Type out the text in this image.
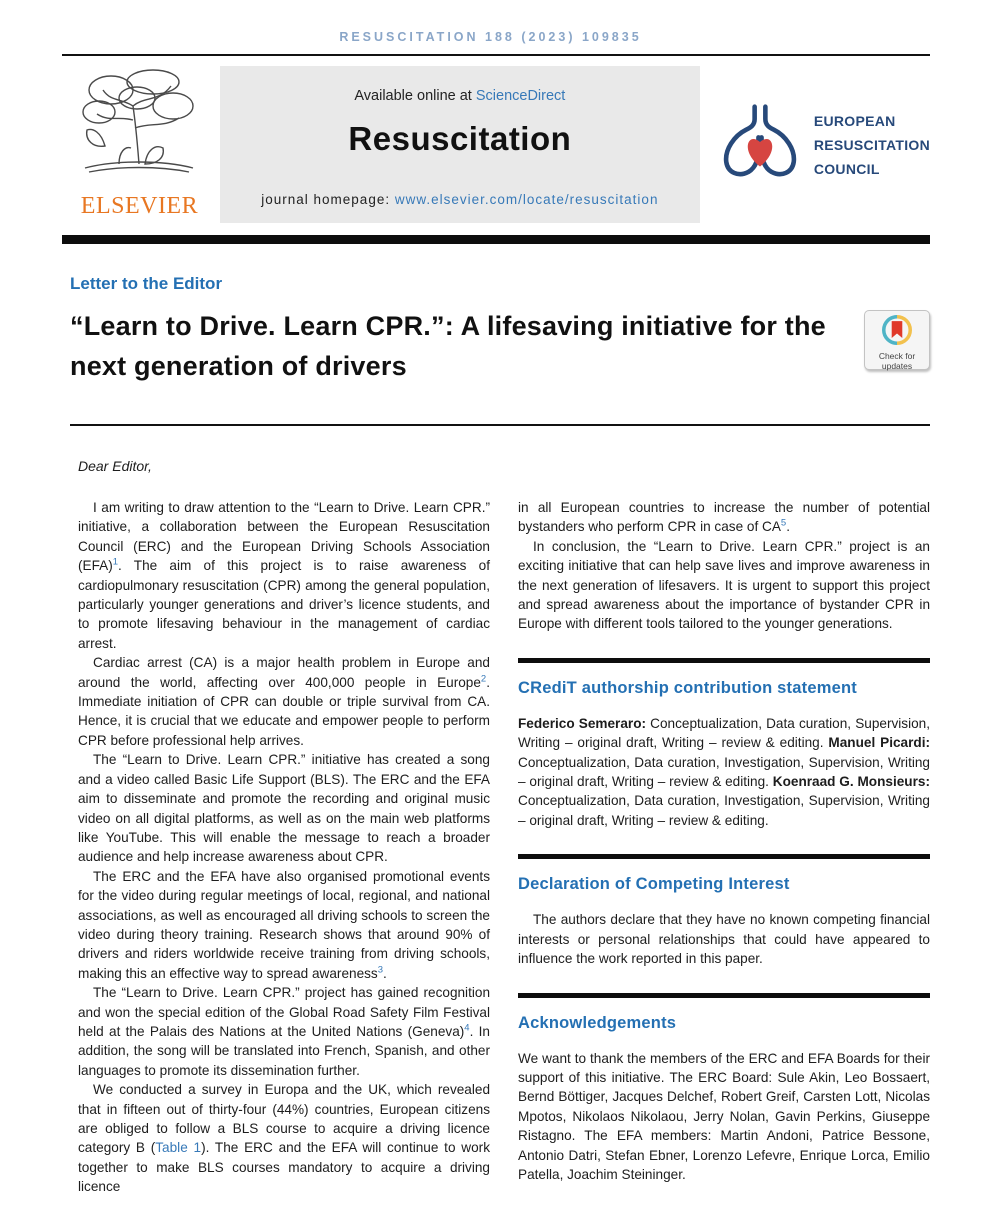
RESUSCITATION 188 (2023) 109835
ELSEVIER
Available online at ScienceDirect
Resuscitation
journal homepage: www.elsevier.com/locate/resuscitation
EUROPEAN
RESUSCITATION
COUNCIL
Letter to the Editor
“Learn to Drive. Learn CPR.”: A lifesaving initiative for the next generation of drivers	Check for updates
Dear Editor,

I am writing to draw attention to the “Learn to Drive. Learn CPR.” initiative, a collaboration between the European Resuscitation Council (ERC) and the European Driving Schools Association (EFA)$^1$. The aim of this project is to raise awareness of cardiopulmonary resuscitation (CPR) among the general population, particularly younger generations and driver’s licence students, and to promote lifesaving behaviour in the management of cardiac arrest.

Cardiac arrest (CA) is a major health problem in Europe and around the world, affecting over 400,000 people in Europe$^2$. Immediate initiation of CPR can double or triple survival from CA. Hence, it is crucial that we educate and empower people to perform CPR before professional help arrives.

The “Learn to Drive. Learn CPR.” initiative has created a song and a video called Basic Life Support (BLS). The ERC and the EFA aim to disseminate and promote the recording and original music video on all digital platforms, as well as on the main web platforms like YouTube. This will enable the message to reach a broader audience and help increase awareness about CPR.

The ERC and the EFA have also organised promotional events for the video during regular meetings of local, regional, and national associations, as well as encouraged all driving schools to screen the video during theory training. Research shows that around 90% of drivers and riders worldwide receive training from driving schools, making this an effective way to spread awareness$^3$.

The “Learn to Drive. Learn CPR.” project has gained recognition and won the special edition of the Global Road Safety Film Festival held at the Palais des Nations at the United Nations (Geneva)$^4$. In addition, the song will be translated into French, Spanish, and other languages to promote its dissemination further.

We conducted a survey in Europa and the UK, which revealed that in fifteen out of thirty-four (44%) countries, European citizens are obliged to follow a BLS course to acquire a driving licence category B (Table 1). The ERC and the EFA will continue to work together to make BLS courses mandatory to acquire a driving licence

in all European countries to increase the number of potential bystanders who perform CPR in case of $CA^5$.

In conclusion, the “Learn to Drive. Learn CPR.” project is an exciting initiative that can help save lives and improve awareness in the next generation of lifesavers. It is urgent to support this project and spread awareness about the importance of bystander CPR in Europe with different tools tailored to the younger generations.

CRediT authorship contribution statement

Federico Semeraro: Conceptualization, Data curation, Supervision, Writing – original draft, Writing – review & editing. Manuel Picardi: Conceptualization, Data curation, Investigation, Supervision, Writing – original draft, Writing – review & editing. Koenraad G. Monsieurs: Conceptualization, Data curation, Investigation, Supervision, Writing – original draft, Writing – review & editing.

Declaration of Competing Interest

The authors declare that they have no known competing financial interests or personal relationships that could have appeared to influence the work reported in this paper.

Acknowledgements

We want to thank the members of the ERC and EFA Boards for their support of this initiative. The ERC Board: Sule Akin, Leo Bossaert, Bernd Böttiger, Jacques Delchef, Robert Greif, Carsten Lott, Nicolas Mpotos, Nikolaos Nikolaou, Jerry Nolan, Gavin Perkins, Giuseppe Ristagno. The EFA members: Martin Andoni, Patrice Bessone, Antonio Datri, Stefan Ebner, Lorenzo Lefevre, Enrique Lorca, Emilio Patella, Joachim Steininger.
